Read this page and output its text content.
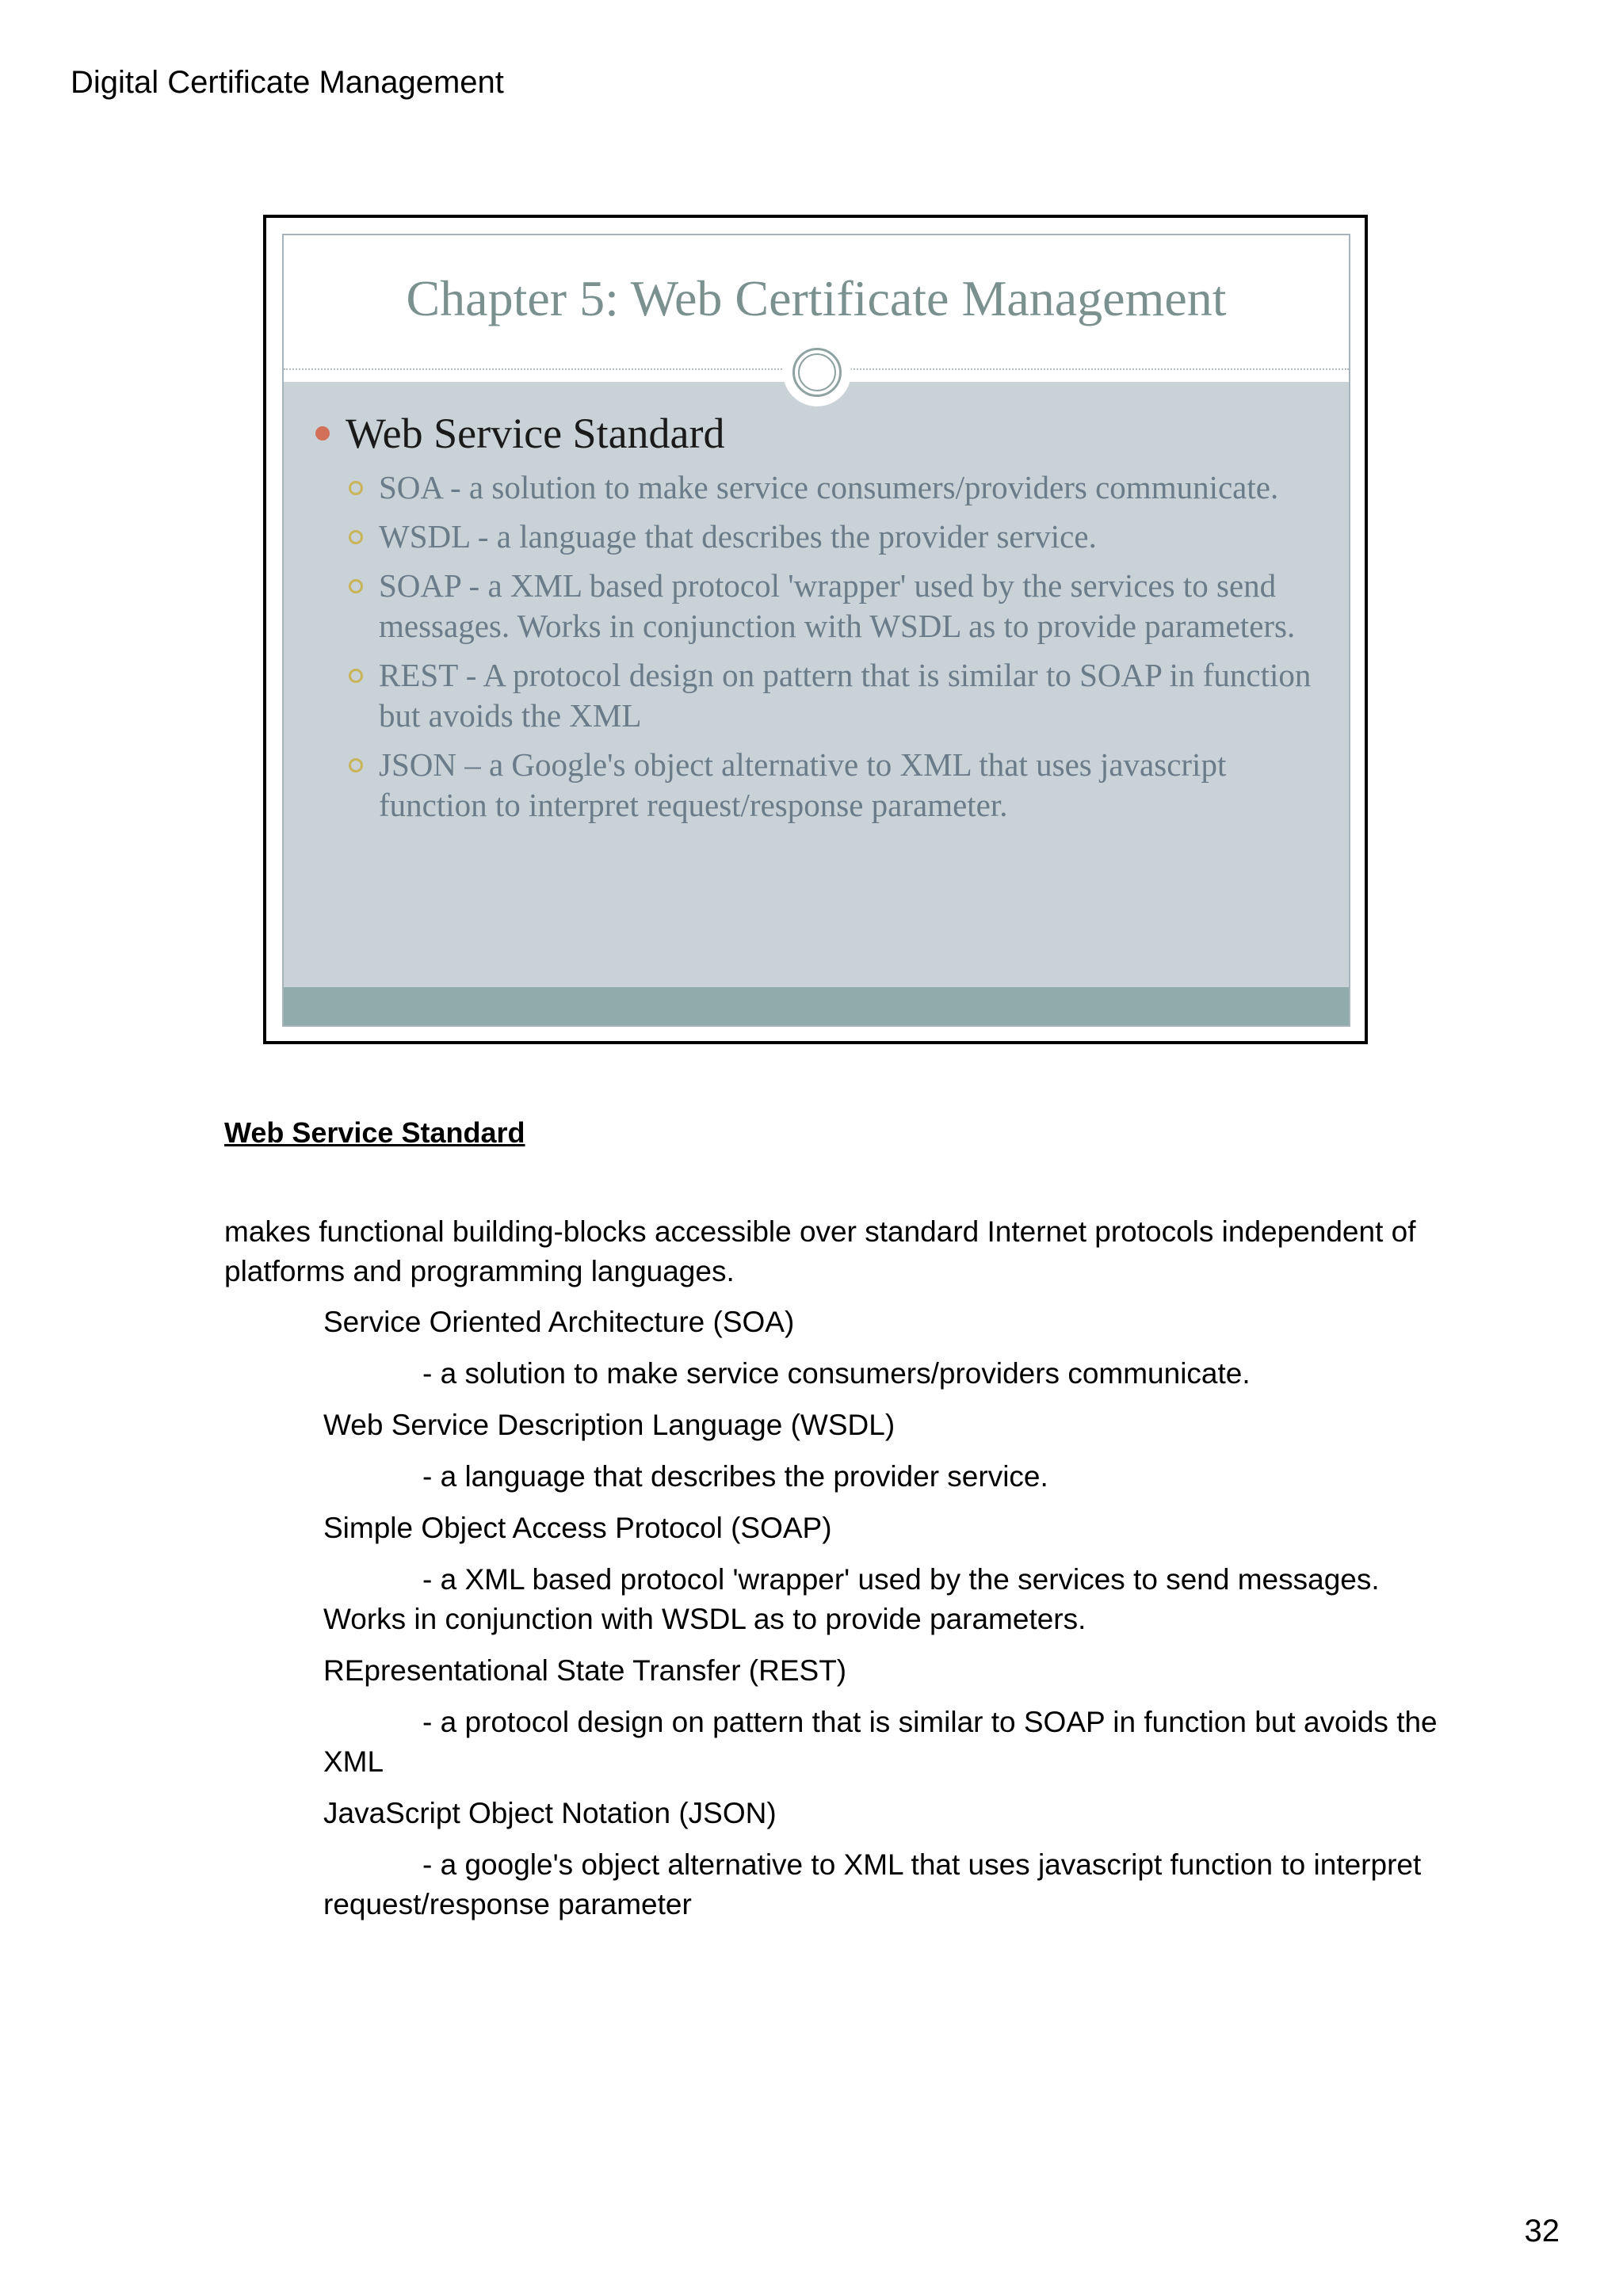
Digital Certificate Management
Chapter 5: Web Certificate Management
Web Service Standard
SOA - a solution to make service consumers/providers communicate.
WSDL - a language that describes the provider service.
SOAP - a XML based protocol 'wrapper' used by the services to send messages. Works in conjunction with WSDL as to provide parameters.
REST - A protocol design on pattern that is similar to SOAP in function but avoids the XML
JSON – a Google's object alternative to XML that uses javascript function to interpret request/response parameter.
Web Service Standard

makes functional building-blocks accessible over standard Internet protocols independent of platforms and programming languages.

Service Oriented Architecture (SOA)

- a solution to make service consumers/providers communicate.

Web Service Description Language (WSDL)

- a language that describes the provider service.

Simple Object Access Protocol (SOAP)

- a XML based protocol 'wrapper' used by the services to send messages. Works in conjunction with WSDL as to provide parameters.

REpresentational State Transfer (REST)

- a protocol design on pattern that is similar to SOAP in function but avoids the XML

JavaScript Object Notation (JSON)

- a google's object alternative to XML that uses javascript function to interpret request/response parameter

32
